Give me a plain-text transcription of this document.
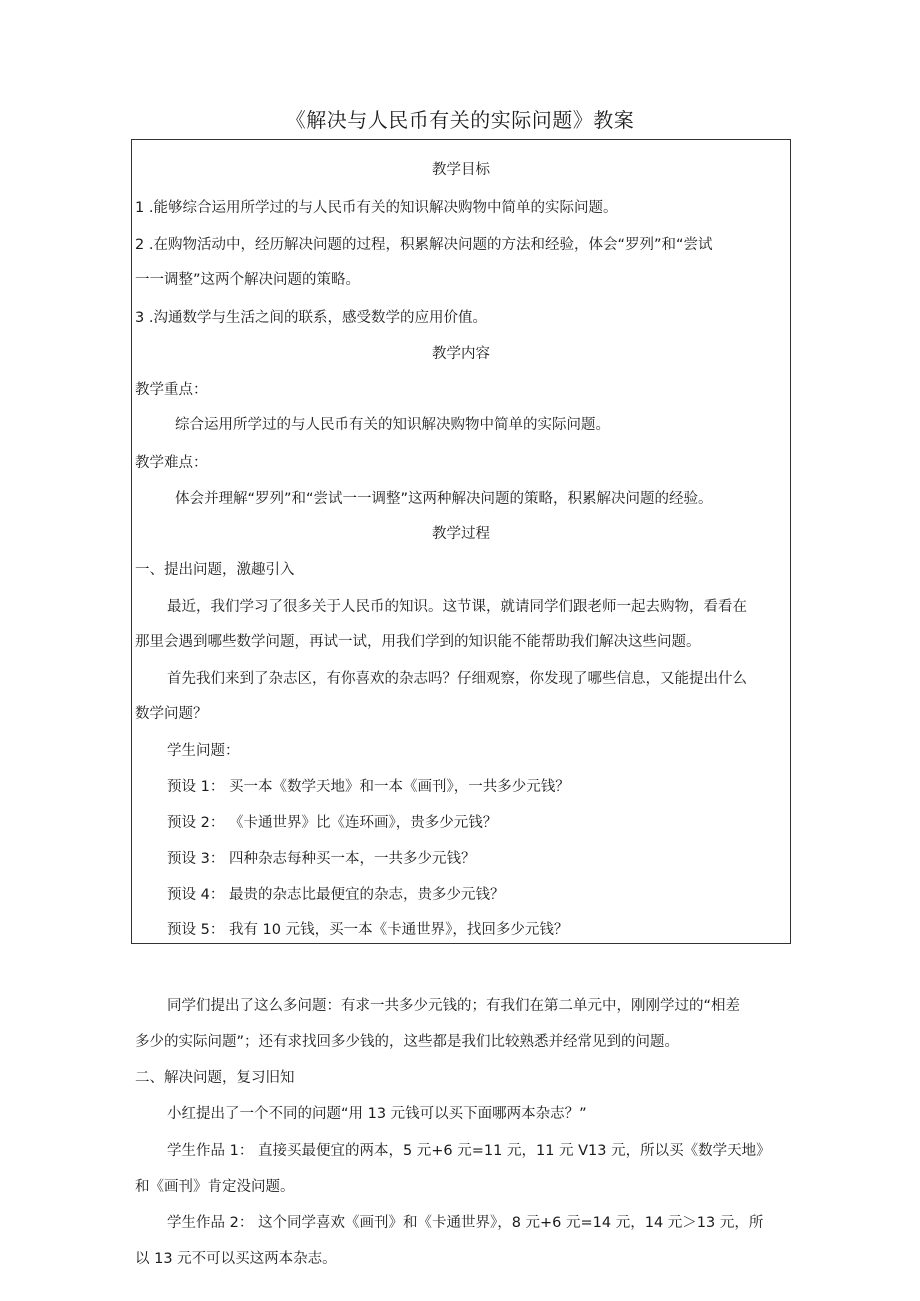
《解决与人民币有关的实际问题》教案
教学目标
1 .能够综合运用所学过的与人民币有关的知识解决购物中简单的实际问题。
2 .在购物活动中，经历解决问题的过程，积累解决问题的方法和经验，体会“罗列”和“尝试
一一调整”这两个解决问题的策略。
3 .沟通数学与生活之间的联系，感受数学的应用价值。
教学内容
教学重点：
综合运用所学过的与人民币有关的知识解决购物中简单的实际问题。
教学难点：
体会并理解“罗列”和“尝试一一调整”这两种解决问题的策略，积累解决问题的经验。
教学过程
一、提出问题，激趣引入
最近，我们学习了很多关于人民币的知识。这节课，就请同学们跟老师一起去购物，看看在
那里会遇到哪些数学问题，再试一试，用我们学到的知识能不能帮助我们解决这些问题。
首先我们来到了杂志区，有你喜欢的杂志吗？仔细观察，你发现了哪些信息，又能提出什么
数学问题？
学生问题：
预设 1： 买一本《数学天地》和一本《画刊》，一共多少元钱？
预设 2： 《卡通世界》比《连环画》，贵多少元钱？
预设 3： 四种杂志每种买一本，一共多少元钱？
预设 4： 最贵的杂志比最便宜的杂志，贵多少元钱？
预设 5： 我有 10 元钱，买一本《卡通世界》，找回多少元钱？
同学们提出了这么多问题：有求一共多少元钱的；有我们在第二单元中，刚刚学过的“相差
多少的实际问题”；还有求找回多少钱的，这些都是我们比较熟悉并经常见到的问题。
二、解决问题，复习旧知
小红提出了一个不同的问题“用 13 元钱可以买下面哪两本杂志？”
学生作品 1： 直接买最便宜的两本，5 元+6 元=11 元，11 元 V13 元，所以买《数学天地》
和《画刊》肯定没问题。
学生作品 2： 这个同学喜欢《画刊》和《卡通世界》，8 元+6 元=14 元，14 元＞13 元，所
以 13 元不可以买这两本杂志。
